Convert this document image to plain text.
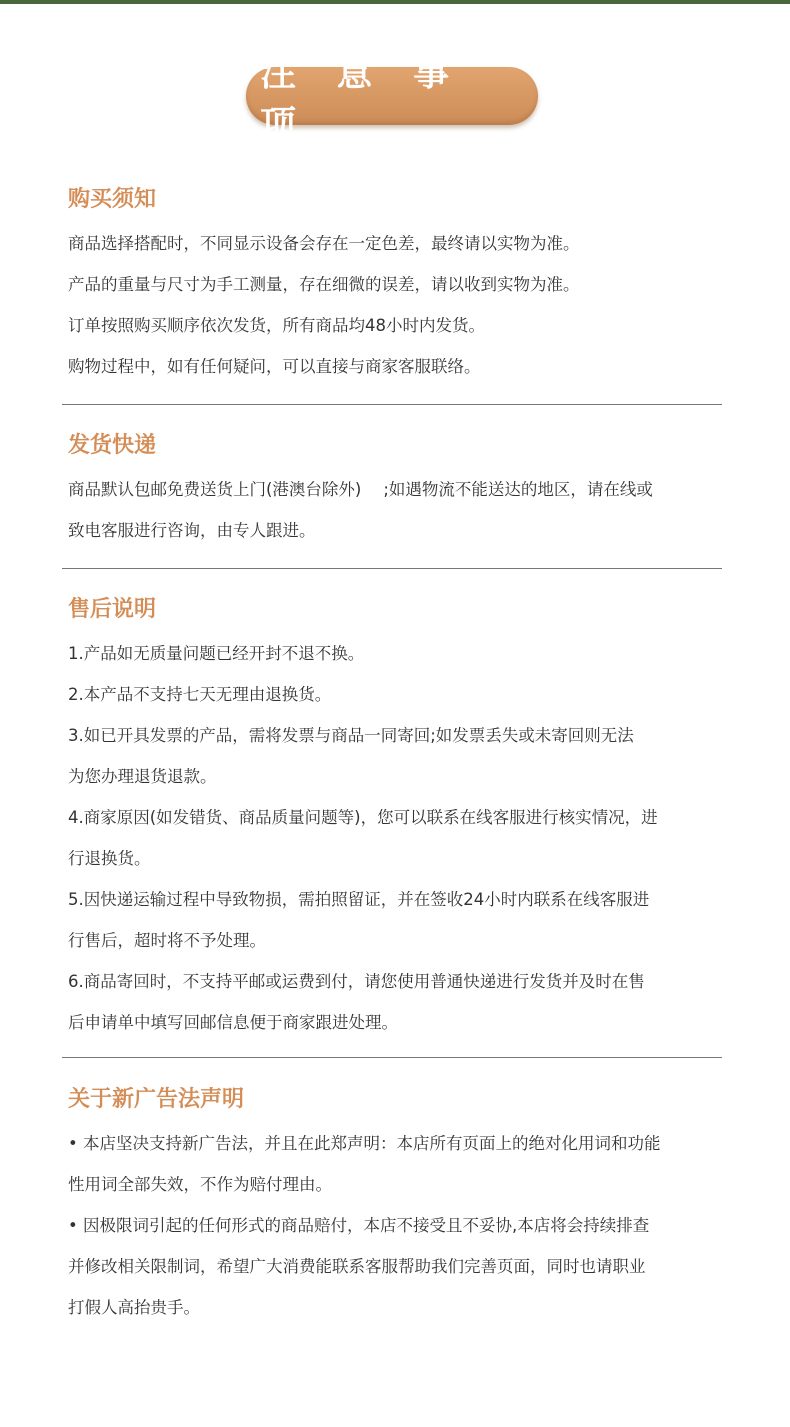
注 意 事 项
购买须知
商品选择搭配时，不同显示设备会存在一定色差，最终请以实物为准。
产品的重量与尺寸为手工测量，存在细微的误差，请以收到实物为准。
订单按照购买顺序依次发货，所有商品均48小时内发货。
购物过程中，如有任何疑问，可以直接与商家客服联络。
发货快递
商品默认包邮免费送货上门(港澳台除外) ;如遇物流不能送达的地区，请在线或
致电客服进行咨询，由专人跟进。
售后说明
1.产品如无质量问题已经开封不退不换。
2.本产品不支持七天无理由退换货。
3.如已开具发票的产品，需将发票与商品一同寄回;如发票丢失或未寄回则无法
为您办理退货退款。
4.商家原因(如发错货、商品质量问题等)，您可以联系在线客服进行核实情况，进
行退换货。
5.因快递运输过程中导致物损，需拍照留证，并在签收24小时内联系在线客服进
行售后，超时将不予处理。
6.商品寄回时，不支持平邮或运费到付，请您使用普通快递进行发货并及时在售
后申请单中填写回邮信息便于商家跟进处理。
关于新广告法声明
• 本店坚决支持新广告法，并且在此郑声明：本店所有页面上的绝对化用词和功能
性用词全部失效，不作为赔付理由。
• 因极限词引起的任何形式的商品赔付，本店不接受且不妥协,本店将会持续排查
并修改相关限制词，希望广大消费能联系客服帮助我们完善页面，同时也请职业
打假人高抬贵手。
